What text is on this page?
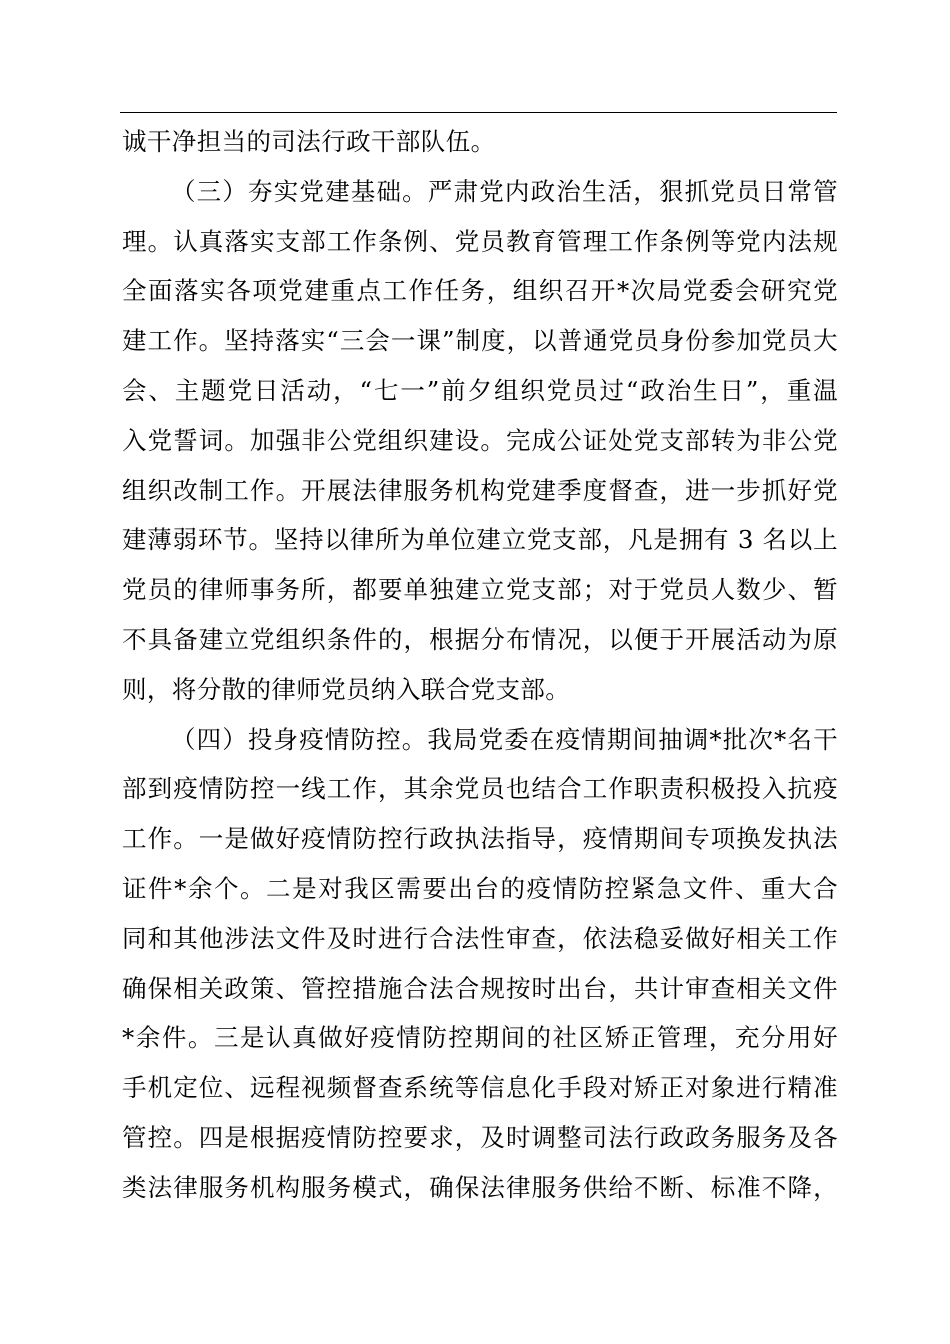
诚干净担当的司法行政干部队伍。
（三）夯实党建基础。严肃党内政治生活，狠抓党员日常管
理。认真落实支部工作条例、党员教育管理工作条例等党内法规
全面落实各项党建重点工作任务，组织召开*次局党委会研究党
建工作。坚持落实“三会一课”制度，以普通党员身份参加党员大
会、主题党日活动，“七一”前夕组织党员过“政治生日”，重温
入党誓词。加强非公党组织建设。完成公证处党支部转为非公党
组织改制工作。开展法律服务机构党建季度督查，进一步抓好党
建薄弱环节。坚持以律所为单位建立党支部，凡是拥有 3 名以上
党员的律师事务所，都要单独建立党支部；对于党员人数少、暂
不具备建立党组织条件的，根据分布情况，以便于开展活动为原
则，将分散的律师党员纳入联合党支部。
（四）投身疫情防控。我局党委在疫情期间抽调*批次*名干
部到疫情防控一线工作，其余党员也结合工作职责积极投入抗疫
工作。一是做好疫情防控行政执法指导，疫情期间专项换发执法
证件*余个。二是对我区需要出台的疫情防控紧急文件、重大合
同和其他涉法文件及时进行合法性审查，依法稳妥做好相关工作
确保相关政策、管控措施合法合规按时出台，共计审查相关文件
*余件。三是认真做好疫情防控期间的社区矫正管理，充分用好
手机定位、远程视频督查系统等信息化手段对矫正对象进行精准
管控。四是根据疫情防控要求，及时调整司法行政政务服务及各
类法律服务机构服务模式，确保法律服务供给不断、标准不降，
